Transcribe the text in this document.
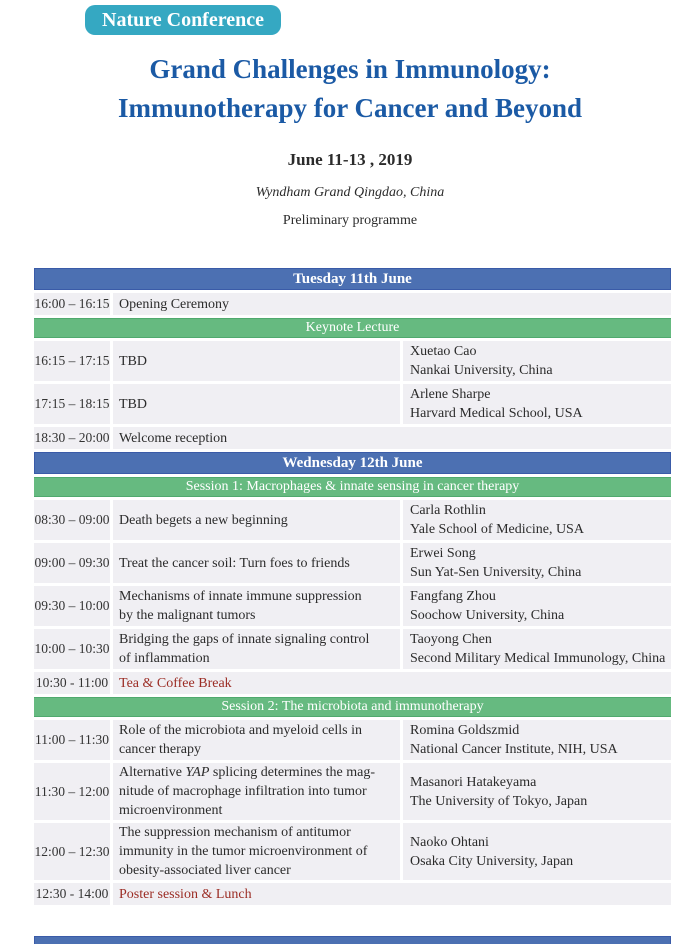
Nature Conference
Grand Challenges in Immunology:
Immunotherapy for Cancer and Beyond
June 11-13 , 2019
Wyndham Grand Qingdao, China
Preliminary programme
Tuesday 11th June
16:00 – 16:15 Opening Ceremony
Keynote Lecture
16:15 – 17:15 TBD
Xuetao Cao
Nankai University, China
17:15 – 18:15 TBD
Arlene Sharpe
Harvard Medical School, USA
18:30 – 20:00 Welcome reception
Wednesday 12th June
Session 1: Macrophages & innate sensing in cancer therapy
08:30 – 09:00 Death begets a new beginning
Carla Rothlin
Yale School of Medicine, USA
09:00 – 09:30 Treat the cancer soil: Turn foes to friends
Erwei Song
Sun Yat-Sen University, China
09:30 – 10:00
Mechanisms of innate immune suppression
by the malignant tumors
Fangfang Zhou
Soochow University, China
10:00 – 10:30
Bridging the gaps of innate signaling control
of inflammation
Taoyong Chen
Second Military Medical Immunology, China
10:30 - 11:00 Tea & Coffee Break
Session 2: The microbiota and immunotherapy
11:00 – 11:30
Role of the microbiota and myeloid cells in
cancer therapy
Romina Goldszmid
National Cancer Institute, NIH, USA
11:30 – 12:00
Alternative YAP splicing determines the mag-
nitude of macrophage infiltration into tumor
microenvironment
Masanori Hatakeyama
The University of Tokyo, Japan
12:00 – 12:30
The suppression mechanism of antitumor
immunity in the tumor microenvironment of
obesity-associated liver cancer
Naoko Ohtani
Osaka City University, Japan
12:30 - 14:00 Poster session & Lunch
